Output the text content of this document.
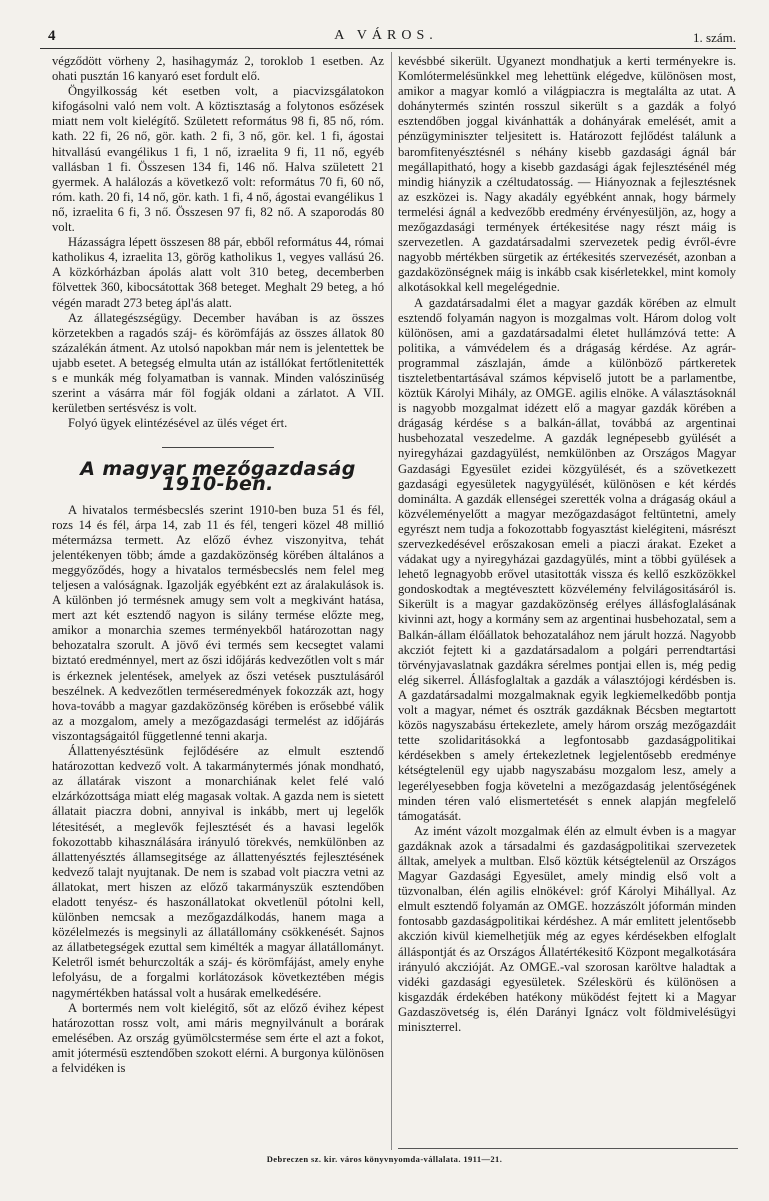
4	A VÁROS.	1. szám.

végződött vörheny 2, hasihagymáz 2, toroklob 1 esetben. Az ohati pusztán 16 kanyaró eset fordult elő.

Öngyilkosság két esetben volt, a piacvizsgálatokon kifogásolni való nem volt. A köztisztaság a folytonos esőzések miatt nem volt kielégítő. Született református 98 fi, 85 nő, róm. kath. 22 fi, 26 nő, gör. kath. 2 fi, 3 nő, gör. kel. 1 fi, ágostai hitvallású evangélikus 1 fi, 1 nő, izraelita 9 fi, 11 nő, egyéb vallásban 1 fi. Összesen 134 fi, 146 nő. Halva született 21 gyermek. A halálozás a következő volt: református 70 fi, 60 nő, róm. kath. 20 fi, 14 nő, gör. kath. 1 fi, 4 nő, ágostai evangélikus 1 nő, izraelita 6 fi, 3 nő. Összesen 97 fi, 82 nő. A szaporodás 80 volt.

Házasságra lépett összesen 88 pár, ebből református 44, római katholikus 4, izraelita 13, görög katholikus 1, vegyes vallású 26. A közkórházban ápolás alatt volt 310 beteg, decemberben fölvettek 360, kibocsátottak 368 beteget. Meghalt 29 beteg, a hó végén maradt 273 beteg ápl'ás alatt.

Az állategészségügy. December havában is az összes körzetekben a ragadós száj- és körömfájás az összes állatok 80 százalékán átment. Az utolsó napokban már nem is jelentettek be ujabb esetet. A betegség elmulta után az istállókat fertőtlenitették s e munkák még folyamatban is vannak. Minden valószinüség szerint a vásárra már föl fogják oldani a zárlatot. A VII. kerületben sertésvész is volt.

Folyó ügyek elintézésével az ülés véget ért.

A magyar mezőgazdaság 1910-ben.

A hivatalos termésbecslés szerint 1910-ben buza 51 és fél, rozs 14 és fél, árpa 14, zab 11 és fél, tengeri közel 48 millió métermázsa termett. Az előző évhez viszonyitva, tehát jelentékenyen több; ámde a gazdaközönség körében általános a meggyőződés, hogy a hivatalos termésbecslés nem felel meg teljesen a valóságnak. Igazolják egyébként ezt az áralakulások is. A különben jó termésnek amugy sem volt a megkivánt hatása, mert azt két esztendő nagyon is silány termése előzte meg, amikor a monarchia szemes terményekből határozottan nagy behozatalra szorult. A jövő évi termés sem kecsegtet valami biztató eredménnyel, mert az őszi időjárás kedvezőtlen volt s már is érkeznek jelentések, amelyek az őszi vetések pusztulásáról beszélnek. A kedvezőtlen terméseredmények fokozzák azt, hogy hova-tovább a magyar gazdaközönség körében is erősebbé válik az a mozgalom, amely a mezőgazdasági termelést az időjárás viszontagságaitól függetlenné tenni akarja.

Állattenyésztésünk fejlődésére az elmult esztendő határozottan kedvező volt. A takarmánytermés jónak mondható, az állatárak viszont a monarchiának kelet felé való elzárkózottsága miatt elég magasak voltak. A gazda nem is sietett állatait piaczra dobni, annyival is inkább, mert uj legelők létesitését, a meglevők fejlesztését és a havasi legelők fokozottabb kihasználására irányuló törekvés, nemkülönben az állattenyésztés államsegitsége az állattenyésztés fejlesztésének kedvező talajt nyujtanak. De nem is szabad volt piaczra vetni az állatokat, mert hiszen az előző takarmányszük esztendőben eladott tenyész- és haszonállatokat okvetlenül pótolni kell, különben nemcsak a mezőgazdálkodás, hanem maga a közélelmezés is megsinyli az állatállomány csökkenését. Sajnos az állatbetegségek ezuttal sem kimélték a magyar állatállományt. Keletről ismét behurczolták a száj- és körömfájást, amely enyhe lefolyásu, de a forgalmi korlátozások következtében mégis nagymértékben hatással volt a husárak emelkedésére.

A bortermés nem volt kielégitő, sőt az előző évihez képest határozottan rossz volt, ami máris megnyilvánult a borárak emelésében. Az ország gyümölcstermése sem érte el azt a fokot, amit jótermésü esztendőben szokott elérni. A burgonya különösen a felvidéken is

kevésbbé sikerült. Ugyanezt mondhatjuk a kerti terményekre is. Komlótermelésünkkel meg lehettünk elégedve, különösen most, amikor a magyar komló a világpiaczra is megtalálta az utat. A dohánytermés szintén rosszul sikerült s a gazdák a folyó esztendőben joggal kivánhatták a dohányárak emelését, amit a pénzügyminiszter teljesitett is. Határozott fejlődést találunk a baromfitenyésztésnél s néhány kisebb gazdasági ágnál bár megállapitható, hogy a kisebb gazdasági ágak fejlesztésénél még mindig hiányzik a czéltudatosság. — Hiányoznak a fejlesztésnek az eszközei is. Nagy akadály egyébként annak, hogy bármely termelési ágnál a kedvezőbb eredmény érvényesüljön, az, hogy a mezőgazdasági termények értékesitése nagy részt máig is szervezetlen. A gazdatársadalmi szervezetek pedig évről-évre nagyobb mértékben sürgetik az értékesités szervezését, azonban a gazdaközönségnek máig is inkább csak kisérletekkel, mint komoly alkotásokkal kell megelégednie.

A gazdatársadalmi élet a magyar gazdák körében az elmult esztendő folyamán nagyon is mozgalmas volt. Három dolog volt különösen, ami a gazdatársadalmi életet hullámzóvá tette: A politika, a vámvédelem és a drágaság kérdése. Az agrár-programmal zászlaján, ámde a különböző pártkeretek tiszteletbentartásával számos képviselő jutott be a parlamentbe, köztük Károlyi Mihály, az OMGE. agilis elnöke. A választásoknál is nagyobb mozgalmat idézett elő a magyar gazdák körében a drágaság kérdése s a balkán-állat, továbbá az argentinai husbehozatal veszedelme. A gazdák legnépesebb gyülését a nyiregyházai gazdagyülést, nemkülönben az Országos Magyar Gazdasági Egyesület ezidei közgyülését, és a szövetkezett gazdasági egyesületek nagygyülését, különösen e két kérdés dominálta. A gazdák ellenségei szerették volna a drágaság okául a közvéleményelőtt a magyar mezőgazdaságot feltüntetni, amely egyrészt nem tudja a fokozottabb fogyasztást kielégiteni, másrészt szervezkedésével erőszakosan emeli a piaczi árakat. Ezeket a vádakat ugy a nyiregyházai gazdagyülés, mint a többi gyülések a lehető legnagyobb erővel utasitották vissza és kellő eszközökkel gondoskodtak a megtévesztett közvélemény felvilágositásáról is. Sikerült is a magyar gazdaközönség erélyes állásfoglalásának kivinni azt, hogy a kormány sem az argentinai husbehozatal, sem a Balkán-állam élőállatok behozatalához nem járult hozzá. Nagyobb akcziót fejtett ki a gazdatársadalom a polgári perrendtartási törvényjavaslatnak gazdákra sérelmes pontjai ellen is, még pedig elég sikerrel. Állásfoglaltak a gazdák a választójogi kérdésben is. A gazdatársadalmi mozgalmaknak egyik legkiemelkedőbb pontja volt a magyar, német és osztrák gazdáknak Bécsben megtartott közös nagyszabásu értekezlete, amely három ország mezőgazdáit tette szolidaritásokká a legfontosabb gazdaságpolitikai kérdésekben s amely értekezletnek legjelentősebb eredménye kétségtelenül egy ujabb nagyszabásu mozgalom lesz, amely a legerélyesebben fogja követelni a mezőgazdaság jelentőségének minden téren való elismertetését s ennek alapján megfelelő támogatását.

Az imént vázolt mozgalmak élén az elmult évben is a magyar gazdáknak azok a társadalmi és gazdaságpolitikai szervezetek álltak, amelyek a multban. Első köztük kétségtelenül az Országos Magyar Gazdasági Egyesület, amely mindig első volt a tüzvonalban, élén agilis elnökével: gróf Károlyi Mihállyal. Az elmult esztendő folyamán az OMGE. hozzászólt jóformán minden fontosabb gazdaságpolitikai kérdéshez. A már emlitett jelentősebb akczión kivül kiemelhetjük még az egyes kérdésekben elfoglalt álláspontját és az Országos Állatértékesitő Központ megalkotására irányuló akczióját. Az OMGE.-val szorosan karöltve haladtak a vidéki gazdasági egyesületek. Széleskörü és különösen a kisgazdák érdekében hatékony müködést fejtett ki a Magyar Gazdaszövetség is, élén Darányi Ignácz volt földmivelésügyi miniszterrel.

Debreczen sz. kir. város könyvnyomda-vállalata. 1911—21.
